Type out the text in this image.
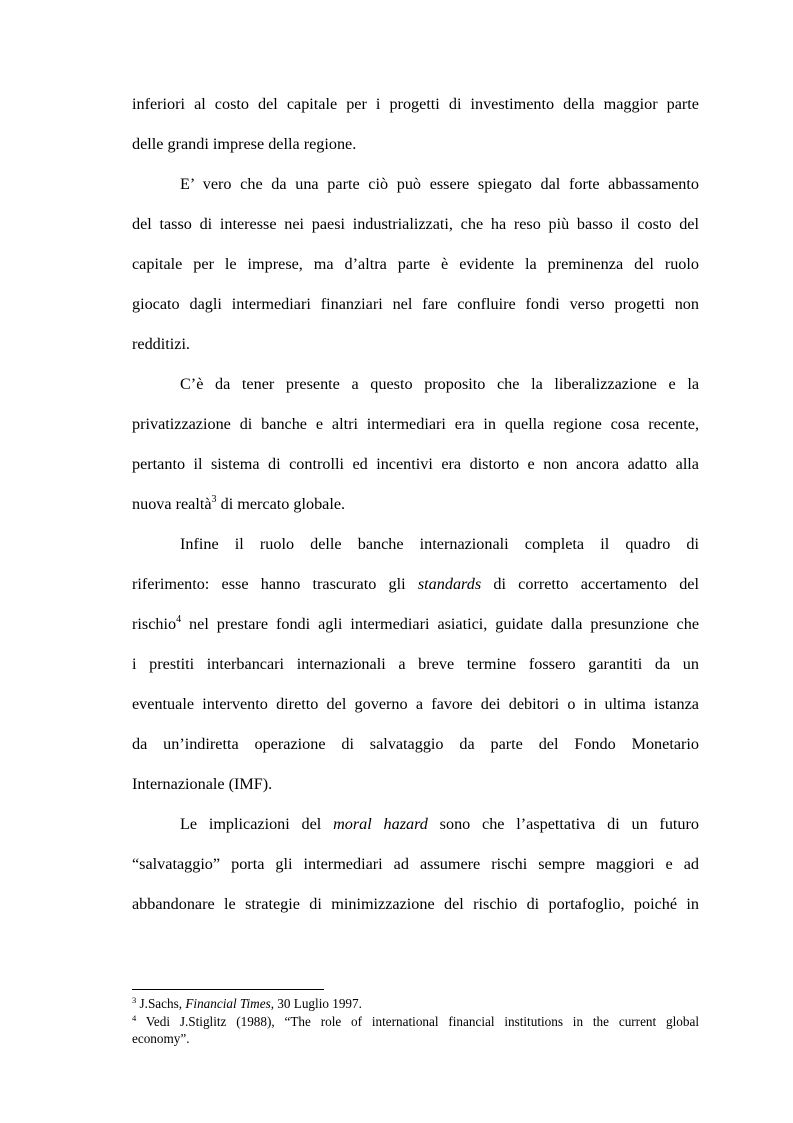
inferiori al costo del capitale per i progetti di investimento della maggior parte
delle grandi imprese della regione.
E’ vero che da una parte ciò può essere spiegato dal forte abbassamento
del tasso di interesse nei paesi industrializzati, che ha reso più basso il costo del
capitale per le imprese, ma d’altra parte è evidente la preminenza del ruolo
giocato dagli intermediari finanziari nel fare confluire fondi verso progetti non
redditizi.
C’è da tener presente a questo proposito che la liberalizzazione e la
privatizzazione di banche e altri intermediari era in quella regione cosa recente,
pertanto il sistema di controlli ed incentivi era distorto e non ancora adatto alla
nuova realtà$^3$ di mercato globale.
Infine il ruolo delle banche internazionali completa il quadro di
riferimento: esse hanno trascurato gli standards di corretto accertamento del
rischio$^4$ nel prestare fondi agli intermediari asiatici, guidate dalla presunzione che
i prestiti interbancari internazionali a breve termine fossero garantiti da un
eventuale intervento diretto del governo a favore dei debitori o in ultima istanza
da un’indiretta operazione di salvataggio da parte del Fondo Monetario
Internazionale (IMF).
Le implicazioni del moral hazard sono che l’aspettativa di un futuro
“salvataggio” porta gli intermediari ad assumere rischi sempre maggiori e ad
abbandonare le strategie di minimizzazione del rischio di portafoglio, poiché in
$^3$ J.Sachs, Financial Times, 30 Luglio 1997.
$^4$ Vedi J.Stiglitz (1988), “The role of international financial institutions in the current global
economy”.
